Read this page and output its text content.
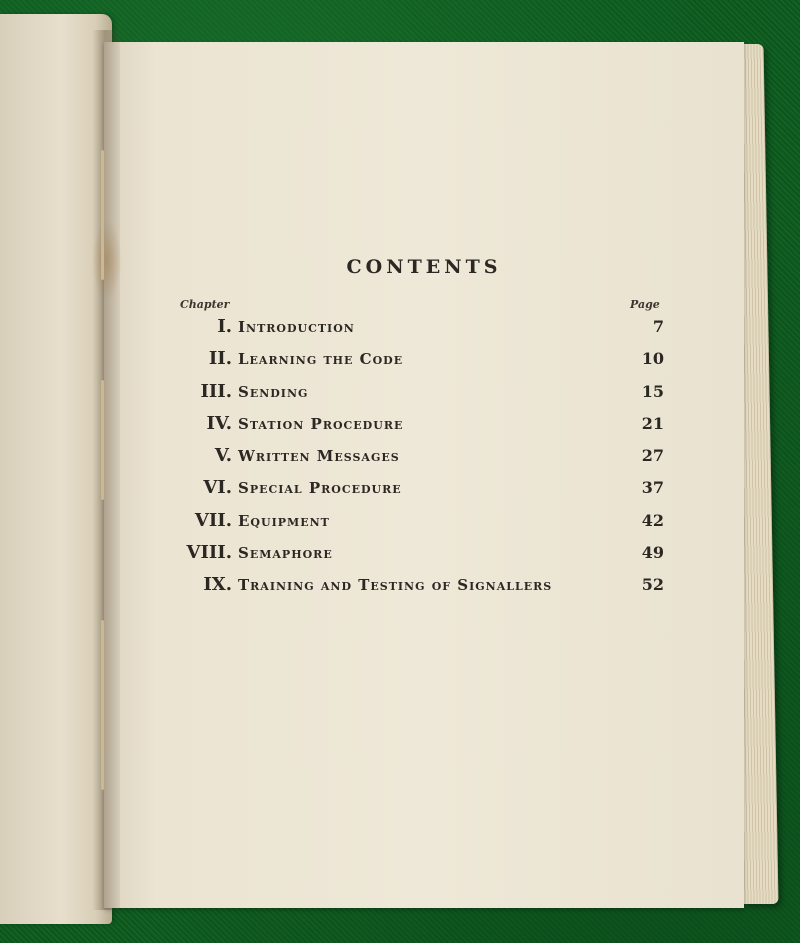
CONTENTS
Chapter	Page
I. Introduction	7
II. Learning the Code	10
III. Sending	15
IV. Station Procedure	21
V. Written Messages	27
VI. Special Procedure	37
VII. Equipment	42
VIII. Semaphore	49
IX. Training and Testing of Signallers	52
